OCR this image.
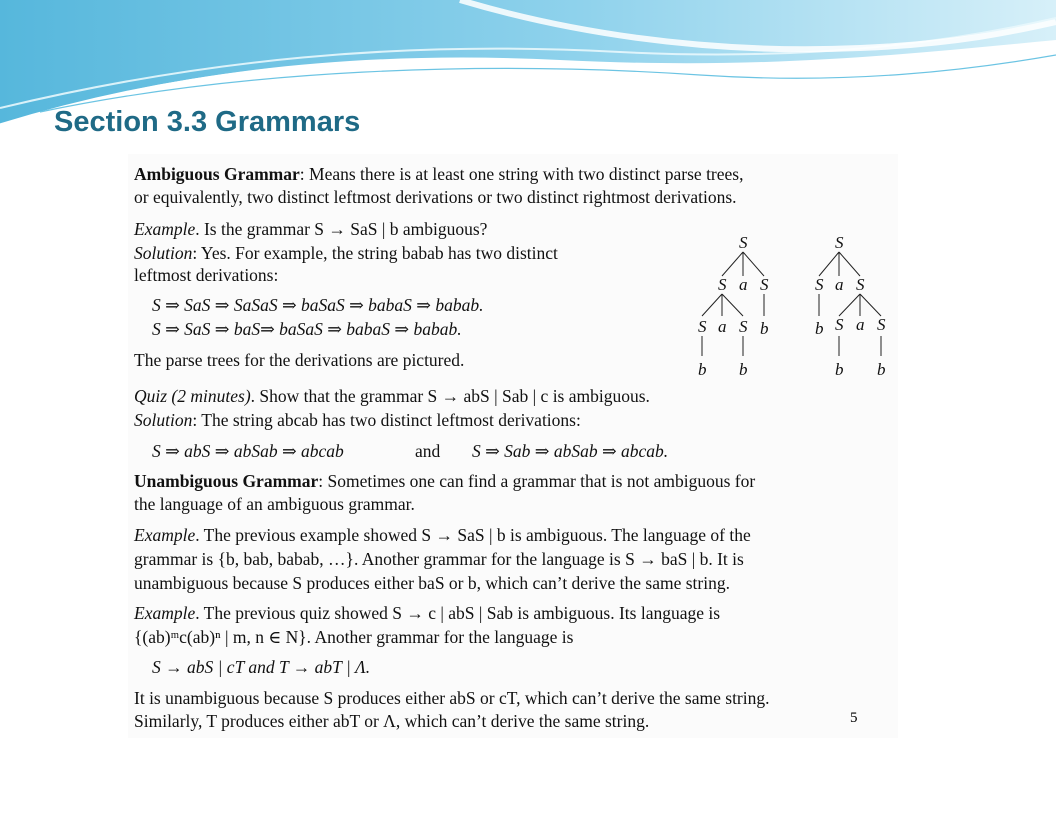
Section 3.3 Grammars
Ambiguous Grammar: Means there is at least one string with two distinct parse trees,
or equivalently, two distinct leftmost derivations or two distinct rightmost derivations.
Example. Is the grammar S → SaS | b ambiguous?
Solution: Yes. For example, the string babab has two distinct
leftmost derivations:
S ⇒ SaS ⇒ SaSaS ⇒ baSaS ⇒ babaS ⇒ babab.
S ⇒ SaS ⇒ baS⇒ baSaS ⇒ babaS ⇒ babab.
The parse trees for the derivations are pictured.
S
S a S
S a S b
b b
S
S a S
b S a S
b b
Quiz (2 minutes). Show that the grammar S → abS | Sab | c is ambiguous.
Solution: The string abcab has two distinct leftmost derivations:
S ⇒ abS ⇒ abSab ⇒ abcab	and S ⇒ Sab ⇒ abSab ⇒ abcab.
Unambiguous Grammar: Sometimes one can find a grammar that is not ambiguous for
the language of an ambiguous grammar.
Example. The previous example showed S → SaS | b is ambiguous. The language of the
grammar is {b, bab, babab, …}. Another grammar for the language is S → baS | b. It is
unambiguous because S produces either baS or b, which can’t derive the same string.
Example. The previous quiz showed S → c | abS | Sab is ambiguous. Its language is
{(ab)ᵐc(ab)ⁿ | m, n ∈ N}. Another grammar for the language is
S → abS | cT and T → abT | Λ.
It is unambiguous because S produces either abS or cT, which can’t derive the same string.
Similarly, T produces either abT or Λ, which can’t derive the same string.	5
